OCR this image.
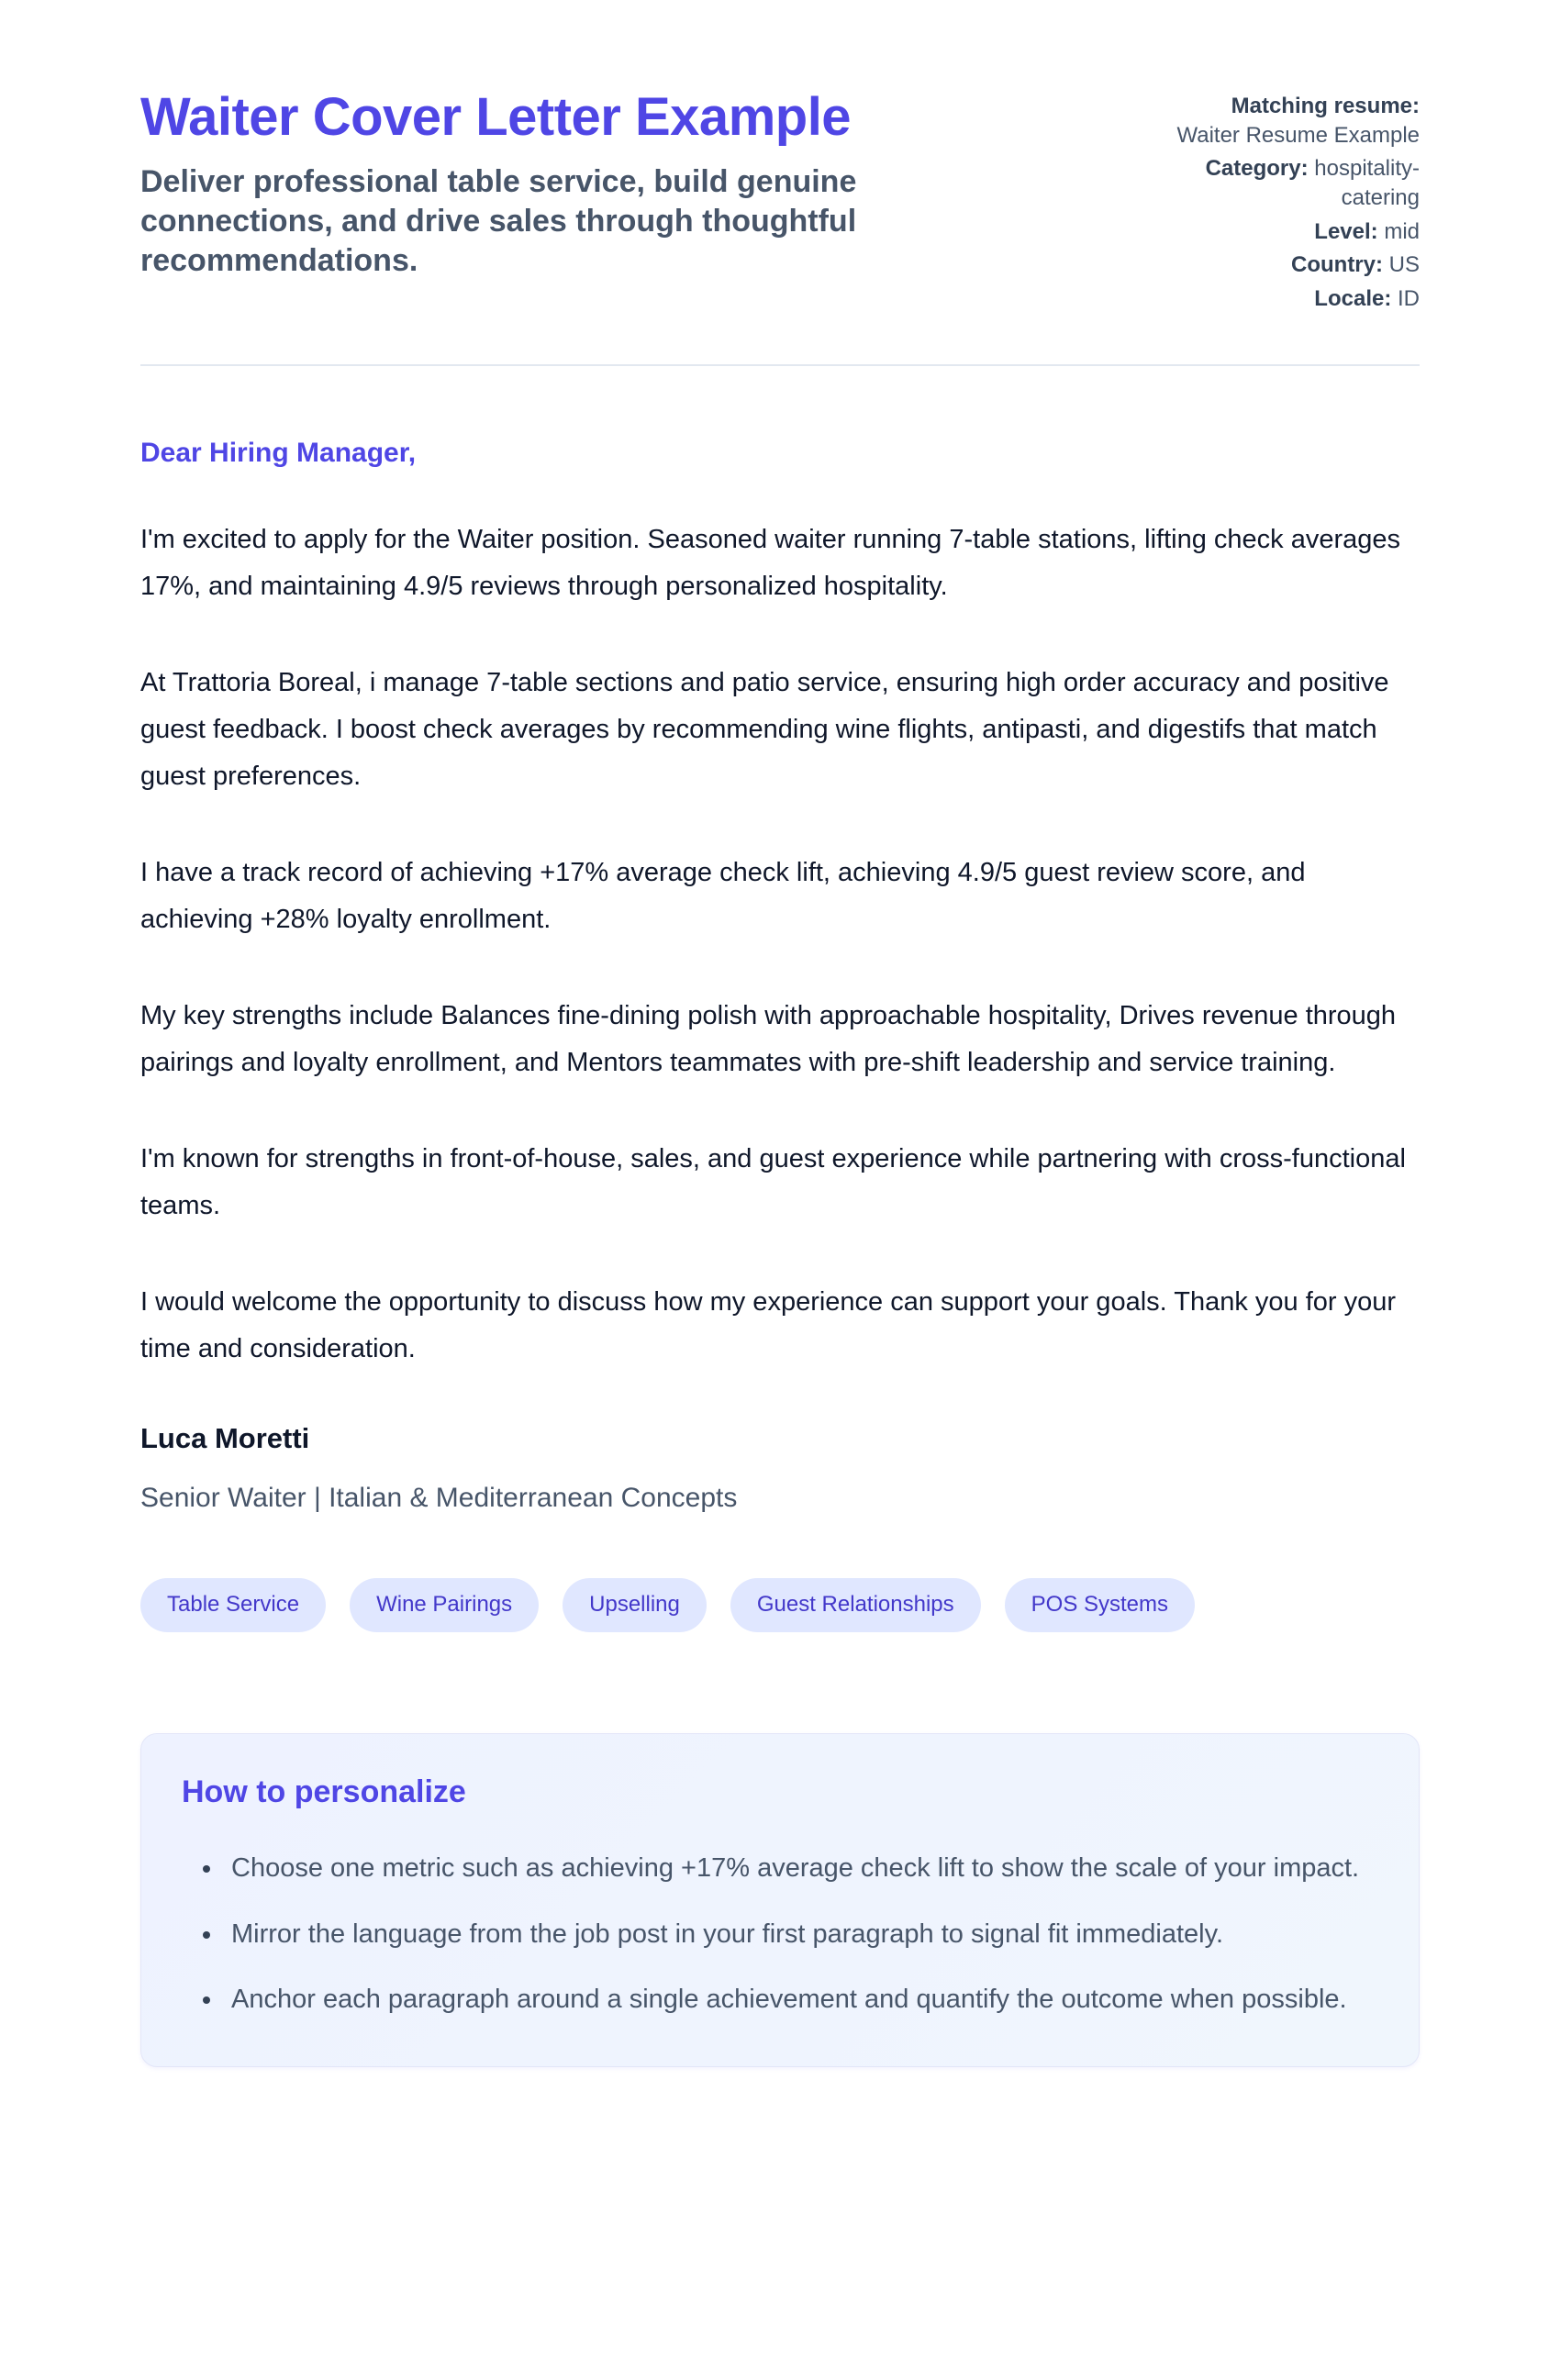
Waiter Cover Letter Example

Deliver professional table service, build genuine connections, and drive sales through thoughtful recommendations.

Matching resume: Waiter Resume Example
Category: hospitality-catering
Level: mid
Country: US
Locale: ID

Dear Hiring Manager,

I'm excited to apply for the Waiter position. Seasoned waiter running 7-table stations, lifting check averages 17%, and maintaining 4.9/5 reviews through personalized hospitality.

At Trattoria Boreal, i manage 7-table sections and patio service, ensuring high order accuracy and positive guest feedback. I boost check averages by recommending wine flights, antipasti, and digestifs that match guest preferences.

I have a track record of achieving +17% average check lift, achieving 4.9/5 guest review score, and achieving +28% loyalty enrollment.

My key strengths include Balances fine-dining polish with approachable hospitality, Drives revenue through pairings and loyalty enrollment, and Mentors teammates with pre-shift leadership and service training.

I'm known for strengths in front-of-house, sales, and guest experience while partnering with cross-functional teams.

I would welcome the opportunity to discuss how my experience can support your goals. Thank you for your time and consideration.

Luca Moretti

Senior Waiter | Italian & Mediterranean Concepts

Table Service	Wine Pairings	Upselling	Guest Relationships	POS Systems
How to personalize
• Choose one metric such as achieving +17% average check lift to show the scale of your impact.
• Mirror the language from the job post in your first paragraph to signal fit immediately.
• Anchor each paragraph around a single achievement and quantify the outcome when possible.
